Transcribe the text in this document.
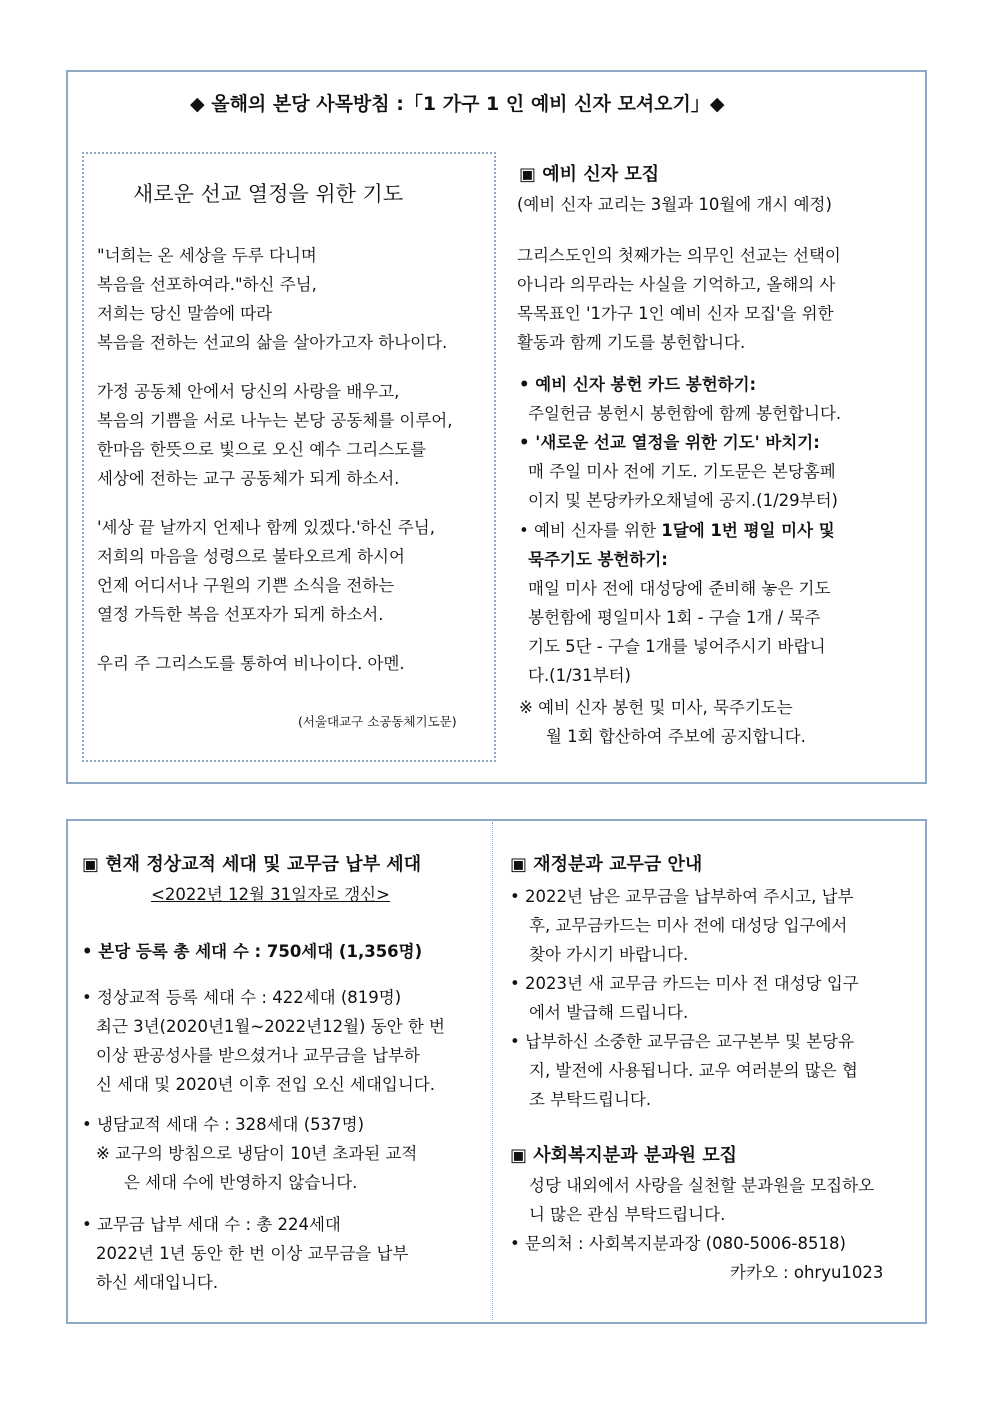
◆ 올해의 본당 사목방침 :「1 가구 1 인 예비 신자 모셔오기」◆
새로운 선교 열정을 위한 기도
"너희는 온 세상을 두루 다니며
복음을 선포하여라."하신 주님,
저희는 당신 말씀에 따라
복음을 전하는 선교의 삶을 살아가고자 하나이다.
가정 공동체 안에서 당신의 사랑을 배우고,
복음의 기쁨을 서로 나누는 본당 공동체를 이루어,
한마음 한뜻으로 빛으로 오신 예수 그리스도를
세상에 전하는 교구 공동체가 되게 하소서.
'세상 끝 날까지 언제나 함께 있겠다.'하신 주님,
저희의 마음을 성령으로 불타오르게 하시어
언제 어디서나 구원의 기쁜 소식을 전하는
열정 가득한 복음 선포자가 되게 하소서.
우리 주 그리스도를 통하여 비나이다. 아멘.
(서울대교구 소공동체기도문)
▣ 예비 신자 모집
(예비 신자 교리는 3월과 10월에 개시 예정)
그리스도인의 첫째가는 의무인 선교는 선택이
아니라 의무라는 사실을 기억하고, 올해의 사
목목표인 '1가구 1인 예비 신자 모집'을 위한
활동과 함께 기도를 봉헌합니다.
• 예비 신자 봉헌 카드 봉헌하기:
주일헌금 봉헌시 봉헌함에 함께 봉헌합니다.
• '새로운 선교 열정을 위한 기도' 바치기:
매 주일 미사 전에 기도. 기도문은 본당홈페
이지 및 본당카카오채널에 공지.(1/29부터)
• 예비 신자를 위한 1달에 1번 평일 미사 및
묵주기도 봉헌하기:
매일 미사 전에 대성당에 준비해 놓은 기도
봉헌함에 평일미사 1회 - 구슬 1개 / 묵주
기도 5단 - 구슬 1개를 넣어주시기 바랍니
다.(1/31부터)
※ 예비 신자 봉헌 및 미사, 묵주기도는
월 1회 합산하여 주보에 공지합니다.
▣ 현재 정상교적 세대 및 교무금 납부 세대
<2022년 12월 31일자로 갱신>
• 본당 등록 총 세대 수 : 750세대 (1,356명)
• 정상교적 등록 세대 수 : 422세대 (819명)
최근 3년(2020년1월~2022년12월) 동안 한 번
이상 판공성사를 받으셨거나 교무금을 납부하
신 세대 및 2020년 이후 전입 오신 세대입니다.
• 냉담교적 세대 수 : 328세대 (537명)
※ 교구의 방침으로 냉담이 10년 초과된 교적
은 세대 수에 반영하지 않습니다.
• 교무금 납부 세대 수 : 총 224세대
2022년 1년 동안 한 번 이상 교무금을 납부
하신 세대입니다.
▣ 재정분과 교무금 안내
• 2022년 남은 교무금을 납부하여 주시고, 납부
후, 교무금카드는 미사 전에 대성당 입구에서
찾아 가시기 바랍니다.
• 2023년 새 교무금 카드는 미사 전 대성당 입구
에서 발급해 드립니다.
• 납부하신 소중한 교무금은 교구본부 및 본당유
지, 발전에 사용됩니다. 교우 여러분의 많은 협
조 부탁드립니다.
▣ 사회복지분과 분과원 모집
성당 내외에서 사랑을 실천할 분과원을 모집하오
니 많은 관심 부탁드립니다.
• 문의처 : 사회복지분과장 (080-5006-8518)
카카오 : ohryu1023
